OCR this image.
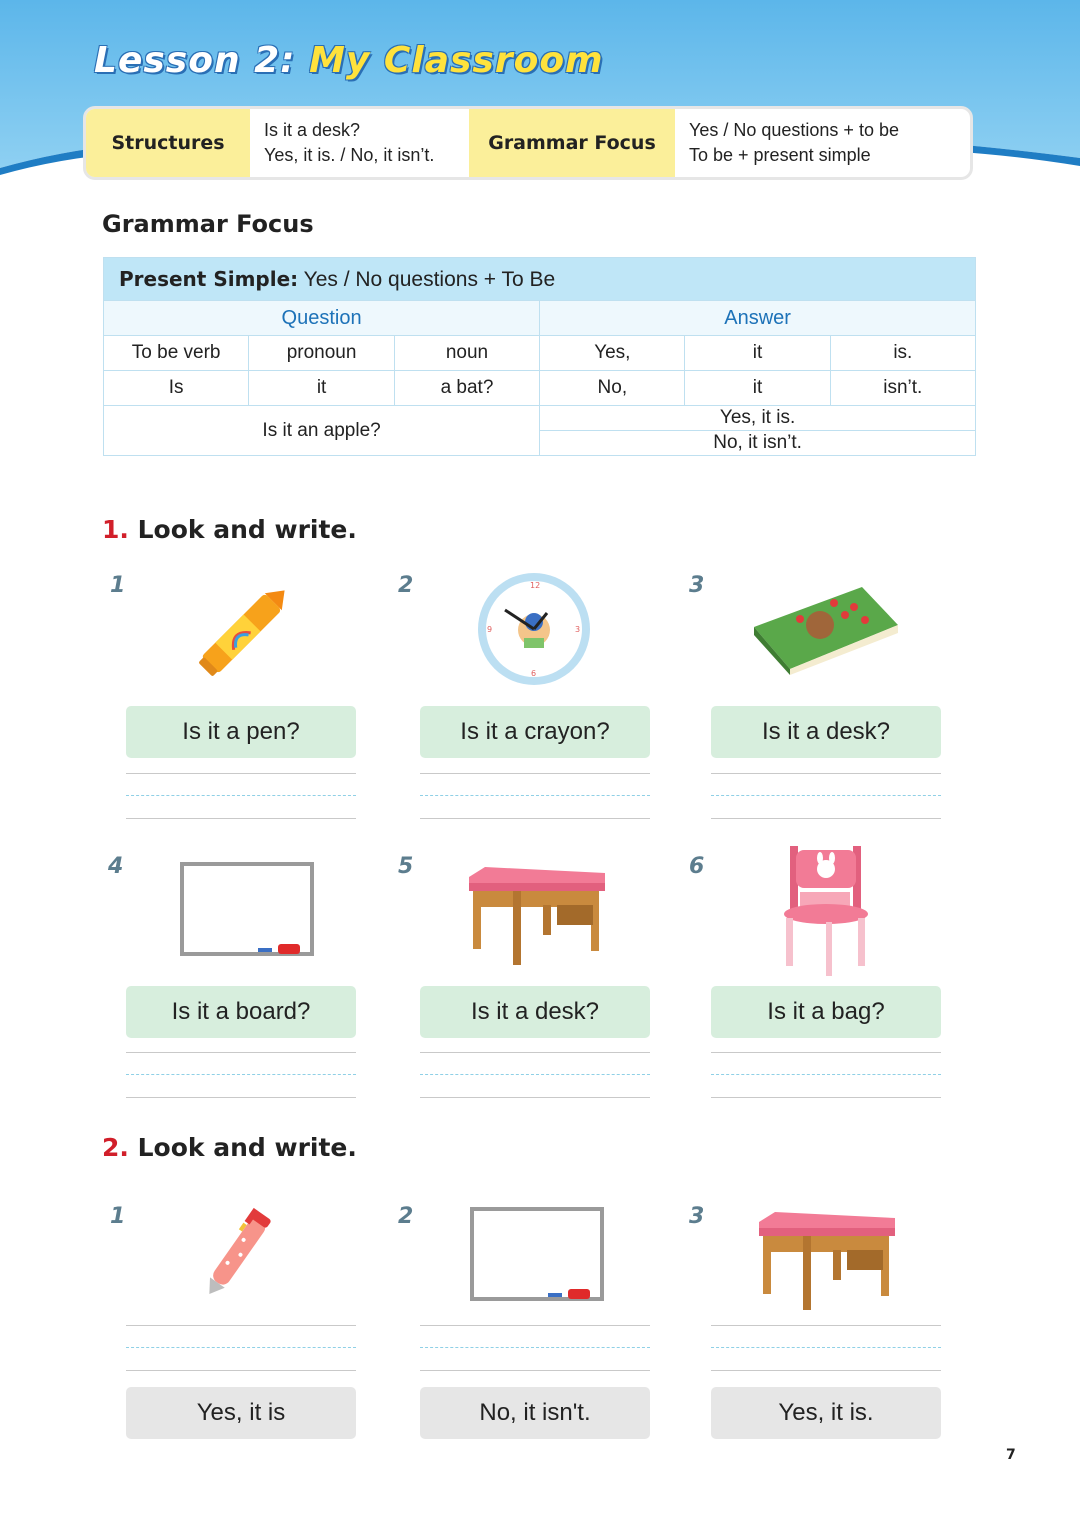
Lesson 2: My Classroom
Structures
Is it a desk?
Yes, it is. / No, it isn’t.
Grammar Focus
Yes / No questions + to be
To be + present simple
Grammar Focus
Present Simple: Yes / No questions + To Be					
Question			Answer		
To be verb	pronoun	noun	Yes,	it	is.
Is	it	a bat?	No,	it	isn’t.
Is it an apple?			Yes, it is.		
			No, it isn’t.		
1. Look and write.
1	2	3
4	5	6
12
3
6
9
Is it a pen?	Is it a crayon?	Is it a desk?
Is it a board?	Is it a desk?	Is it a bag?
2. Look and write.
1	2	3
Yes, it is	No, it isn't.	Yes, it is.
7
